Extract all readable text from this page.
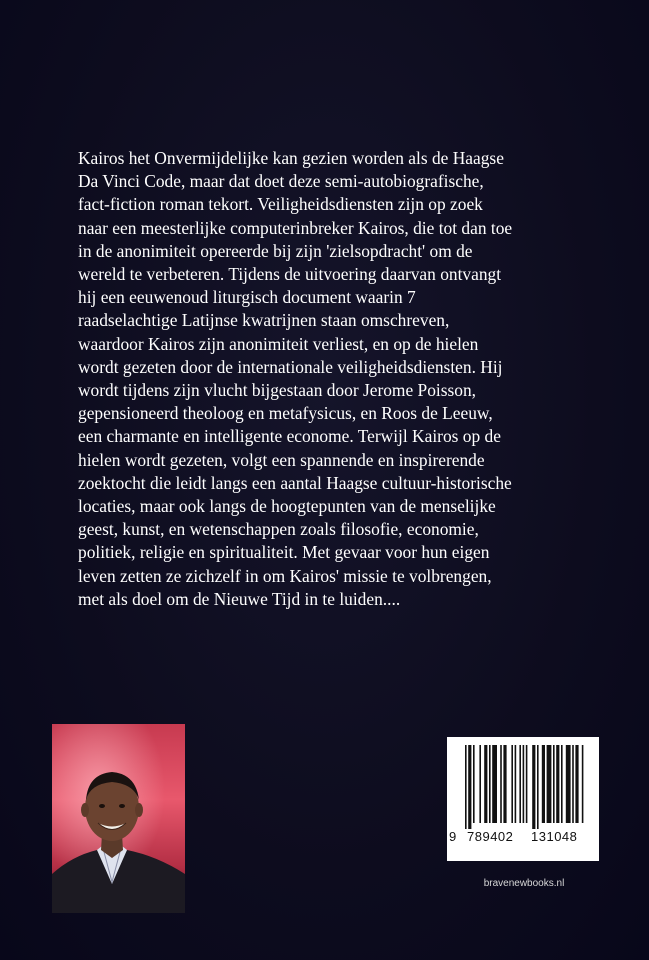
Kairos het Onvermijdelijke kan gezien worden als de Haagse
Da Vinci Code, maar dat doet deze semi-autobiografische,
fact-fiction roman tekort. Veiligheidsdiensten zijn op zoek
naar een meesterlijke computerinbreker Kairos, die tot dan toe
in de anonimiteit opereerde bij zijn 'zielsopdracht' om de
wereld te verbeteren. Tijdens de uitvoering daarvan ontvangt
hij een eeuwenoud liturgisch document waarin 7
raadselachtige Latijnse kwatrijnen staan omschreven,
waardoor Kairos zijn anonimiteit verliest, en op de hielen
wordt gezeten door de internationale veiligheidsdiensten. Hij
wordt tijdens zijn vlucht bijgestaan door Jerome Poisson,
gepensioneerd theoloog en metafysicus, en Roos de Leeuw,
een charmante en intelligente econome. Terwijl Kairos op de
hielen wordt gezeten, volgt een spannende en inspirerende
zoektocht die leidt langs een aantal Haagse cultuur-historische
locaties, maar ook langs de hoogtepunten van de menselijke
geest, kunst, en wetenschappen zoals filosofie, economie,
politiek, religie en spiritualiteit. Met gevaar voor hun eigen
leven zetten ze zichzelf in om Kairos' missie te volbrengen,
met als doel om de Nieuwe Tijd in te luiden....

9 789402 131048
bravenewbooks.nl
